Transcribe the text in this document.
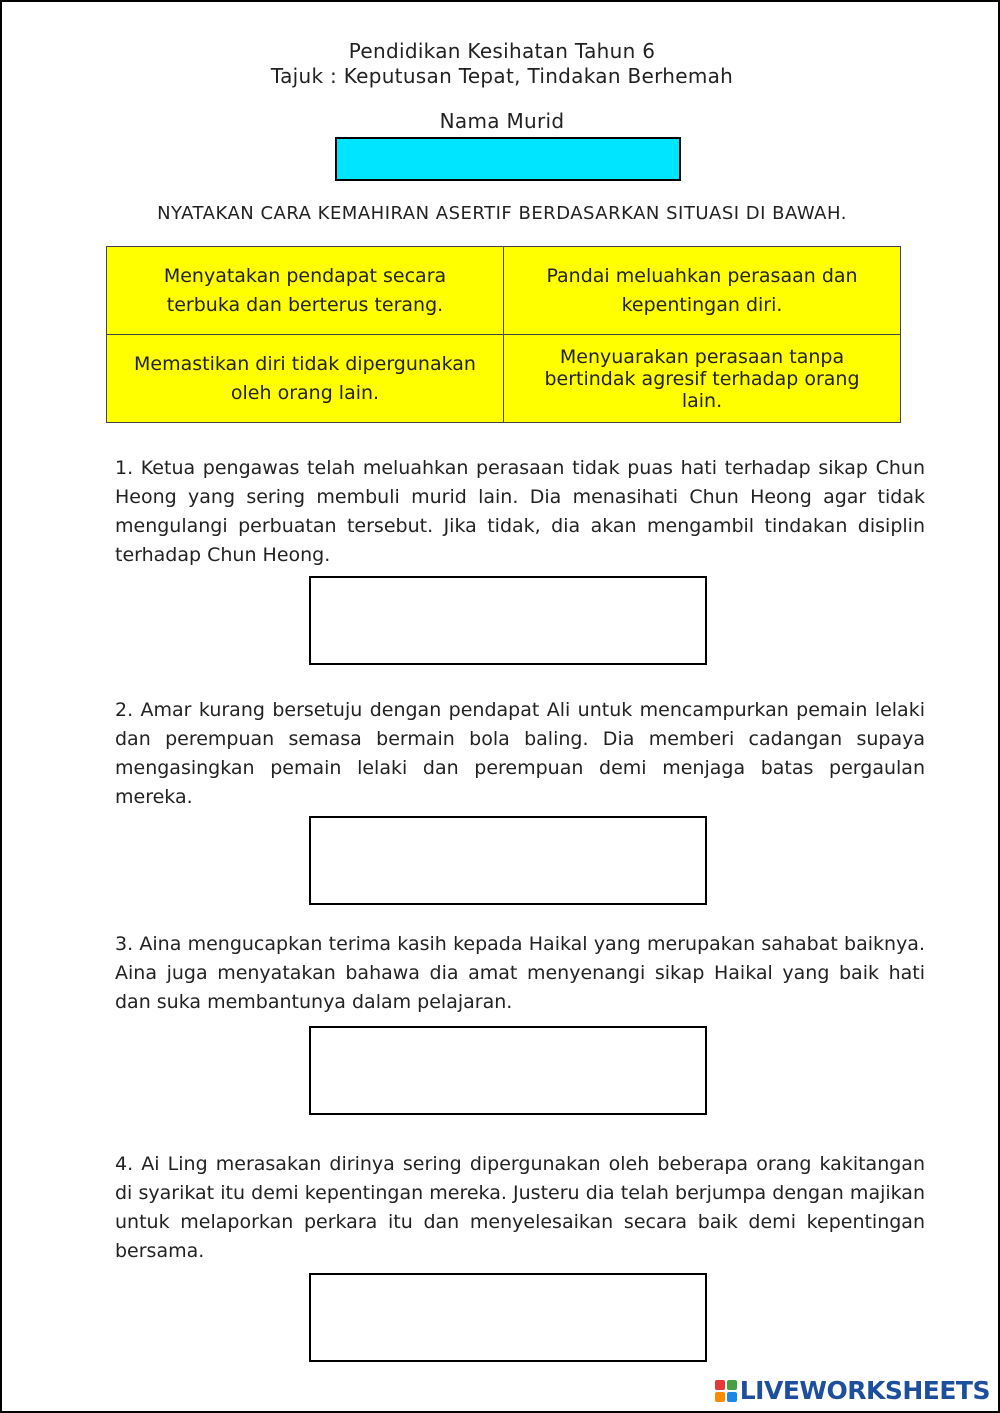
Pendidikan Kesihatan Tahun 6
Tajuk : Keputusan Tepat, Tindakan Berhemah
Nama Murid
NYATAKAN CARA KEMAHIRAN ASERTIF BERDASARKAN SITUASI DI BAWAH.
Menyatakan pendapat secara terbuka dan berterus terang.
Pandai meluahkan perasaan dan kepentingan diri.
Memastikan diri tidak dipergunakan oleh orang lain.
Menyuarakan perasaan tanpa bertindak agresif terhadap orang lain.
1. Ketua pengawas telah meluahkan perasaan tidak puas hati terhadap sikap Chun Heong yang sering membuli murid lain. Dia menasihati Chun Heong agar tidak mengulangi perbuatan tersebut. Jika tidak, dia akan mengambil tindakan disiplin terhadap Chun Heong.
2. Amar kurang bersetuju dengan pendapat Ali untuk mencampurkan pemain lelaki dan perempuan semasa bermain bola baling. Dia memberi cadangan supaya mengasingkan pemain lelaki dan perempuan demi menjaga batas pergaulan mereka.
3. Aina mengucapkan terima kasih kepada Haikal yang merupakan sahabat baiknya. Aina juga menyatakan bahawa dia amat menyenangi sikap Haikal yang baik hati dan suka membantunya dalam pelajaran.
4. Ai Ling merasakan dirinya sering dipergunakan oleh beberapa orang kakitangan di syarikat itu demi kepentingan mereka. Justeru dia telah berjumpa dengan majikan untuk melaporkan perkara itu dan menyelesaikan secara baik demi kepentingan bersama.
LIVEWORKSHEETS
